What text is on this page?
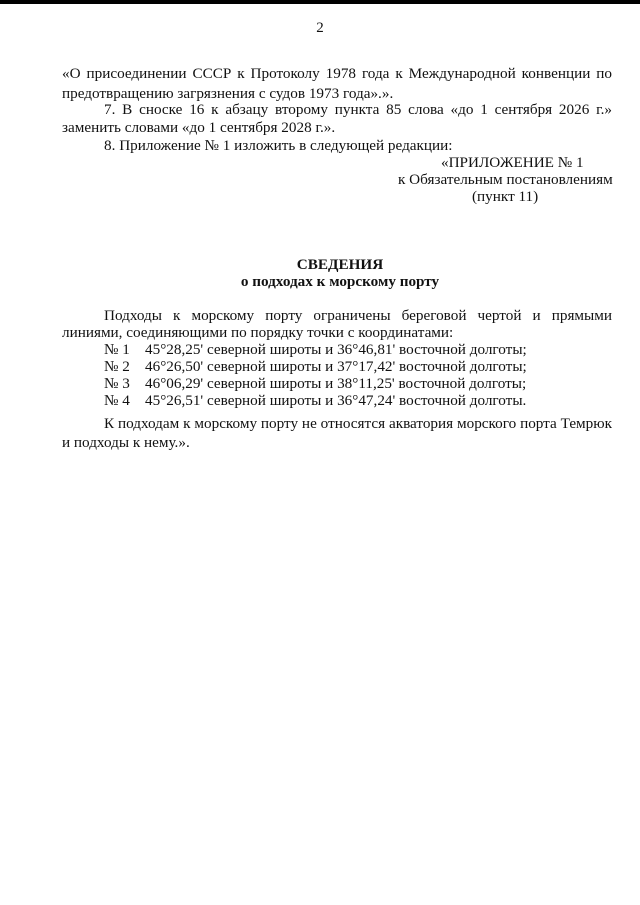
2
«О присоединении СССР к Протоколу 1978 года к Международной конвенции по
предотвращению загрязнения с судов 1973 года».».
7. В сноске 16 к абзацу второму пункта 85 слова «до 1 сентября 2026 г.»
заменить словами «до 1 сентября 2028 г.».
8. Приложение № 1 изложить в следующей редакции:
«ПРИЛОЖЕНИЕ № 1
к Обязательным постановлениям
(пункт 11)
СВЕДЕНИЯ
о подходах к морскому порту
Подходы к морскому порту ограничены береговой чертой и прямыми
линиями, соединяющими по порядку точки с координатами:
№ 1 45°28,25' северной широты и 36°46,81' восточной долготы;
№ 2 46°26,50' северной широты и 37°17,42' восточной долготы;
№ 3 46°06,29' северной широты и 38°11,25' восточной долготы;
№ 4 45°26,51' северной широты и 36°47,24' восточной долготы.
К подходам к морскому порту не относятся акватория морского порта Темрюк
и подходы к нему.».
